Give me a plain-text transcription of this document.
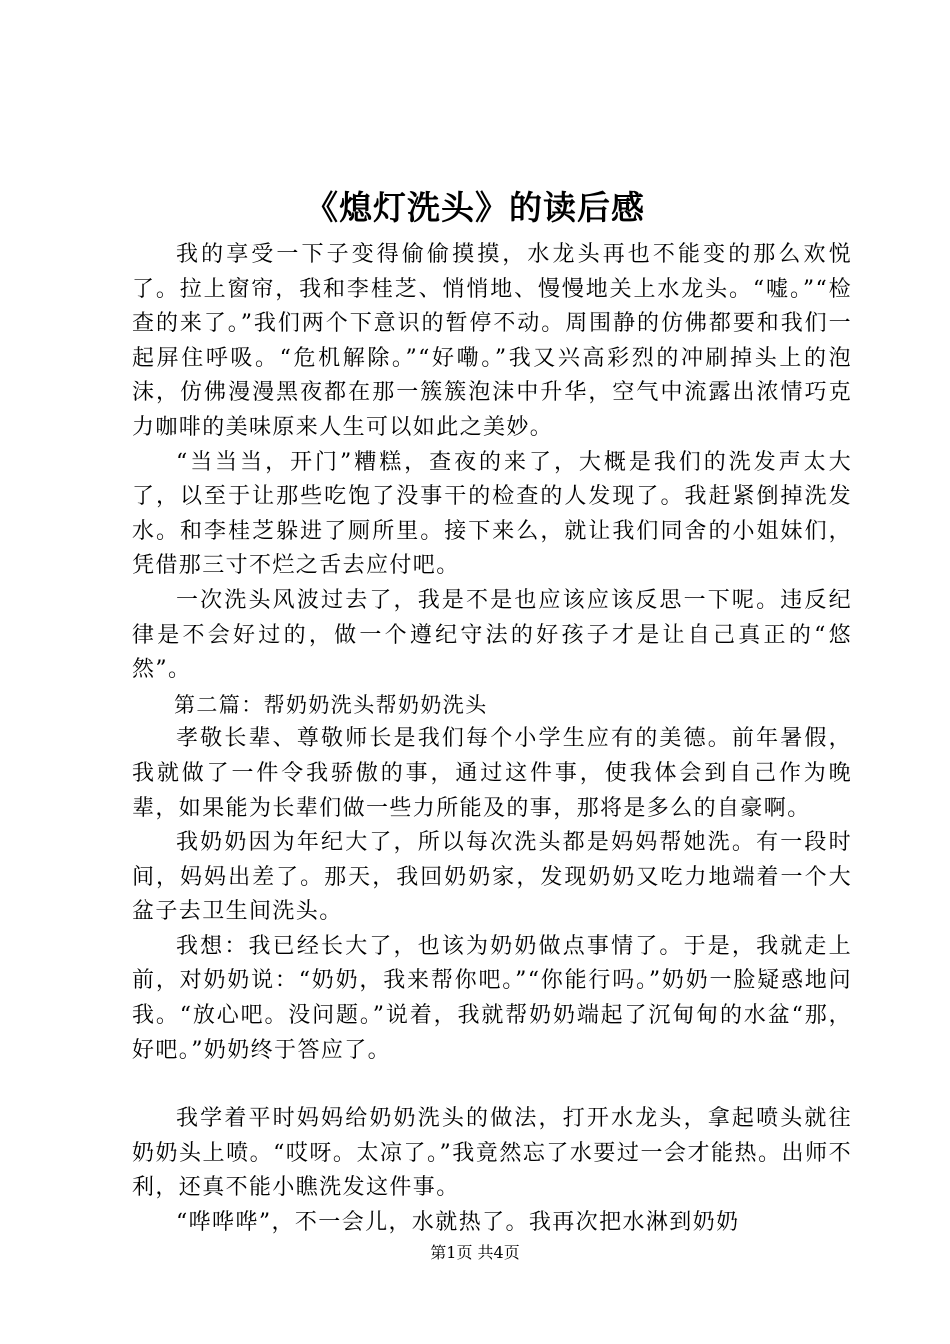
《熄灯洗头》的读后感

我的享受一下子变得偷偷摸摸，水龙头再也不能变的那么欢悦了。拉上窗帘，我和李桂芝、悄悄地、慢慢地关上水龙头。“嘘。”“检查的来了。”我们两个下意识的暂停不动。周围静的仿佛都要和我们一起屏住呼吸。“危机解除。”“好嘞。”我又兴高彩烈的冲刷掉头上的泡沫，仿佛漫漫黑夜都在那一簇簇泡沫中升华，空气中流露出浓情巧克力咖啡的美味原来人生可以如此之美妙。

“当当当，开门”糟糕，查夜的来了，大概是我们的洗发声太大了，以至于让那些吃饱了没事干的检查的人发现了。我赶紧倒掉洗发水。和李桂芝躲进了厕所里。接下来么，就让我们同舍的小姐妹们，凭借那三寸不烂之舌去应付吧。

一次洗头风波过去了，我是不是也应该应该反思一下呢。违反纪律是不会好过的，做一个遵纪守法的好孩子才是让自己真正的“悠然”。

第二篇：帮奶奶洗头帮奶奶洗头

孝敬长辈、尊敬师长是我们每个小学生应有的美德。前年暑假，我就做了一件令我骄傲的事，通过这件事，使我体会到自己作为晚辈，如果能为长辈们做一些力所能及的事，那将是多么的自豪啊。

我奶奶因为年纪大了，所以每次洗头都是妈妈帮她洗。有一段时间，妈妈出差了。那天，我回奶奶家，发现奶奶又吃力地端着一个大盆子去卫生间洗头。

我想：我已经长大了，也该为奶奶做点事情了。于是，我就走上前，对奶奶说：“奶奶，我来帮你吧。”“你能行吗。”奶奶一脸疑惑地问我。“放心吧。没问题。”说着，我就帮奶奶端起了沉甸甸的水盆“那，好吧。”奶奶终于答应了。

我学着平时妈妈给奶奶洗头的做法，打开水龙头，拿起喷头就往奶奶头上喷。“哎呀。太凉了。”我竟然忘了水要过一会才能热。出师不利，还真不能小瞧洗发这件事。

“哗哗哗”，不一会儿，水就热了。我再次把水淋到奶奶

第1页 共4页
